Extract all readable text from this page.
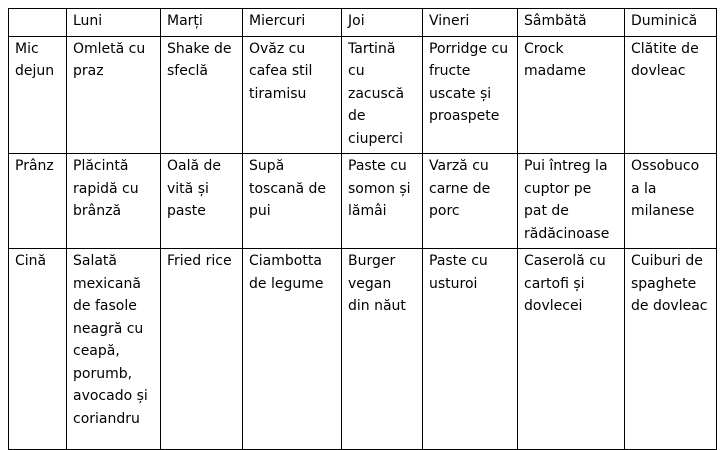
	Luni	Marți	Miercuri	Joi	Vineri	Sâmbătă	Duminică
Mic dejun	Omletă cu praz	Shake de sfeclă	Ovăz cu cafea stil tiramisu	Tartină cu zacuscă de ciuperci	Porridge cu fructe uscate și proaspete	Crock madame	Clătite de dovleac
Prânz	Plăcintă rapidă cu brânză	Oală de vită și paste	Supă toscană de pui	Paste cu somon și lămâi	Varză cu carne de porc	Pui întreg la cuptor pe pat de rădăcinoase	Ossobuco a la milanese
Cină	Salată mexicană de fasole neagră cu ceapă, porumb, avocado și coriandru	Fried rice	Ciambotta de legume	Burger vegan din năut	Paste cu usturoi	Caserolă cu cartofi și dovlecei	Cuiburi de spaghete de dovleac
